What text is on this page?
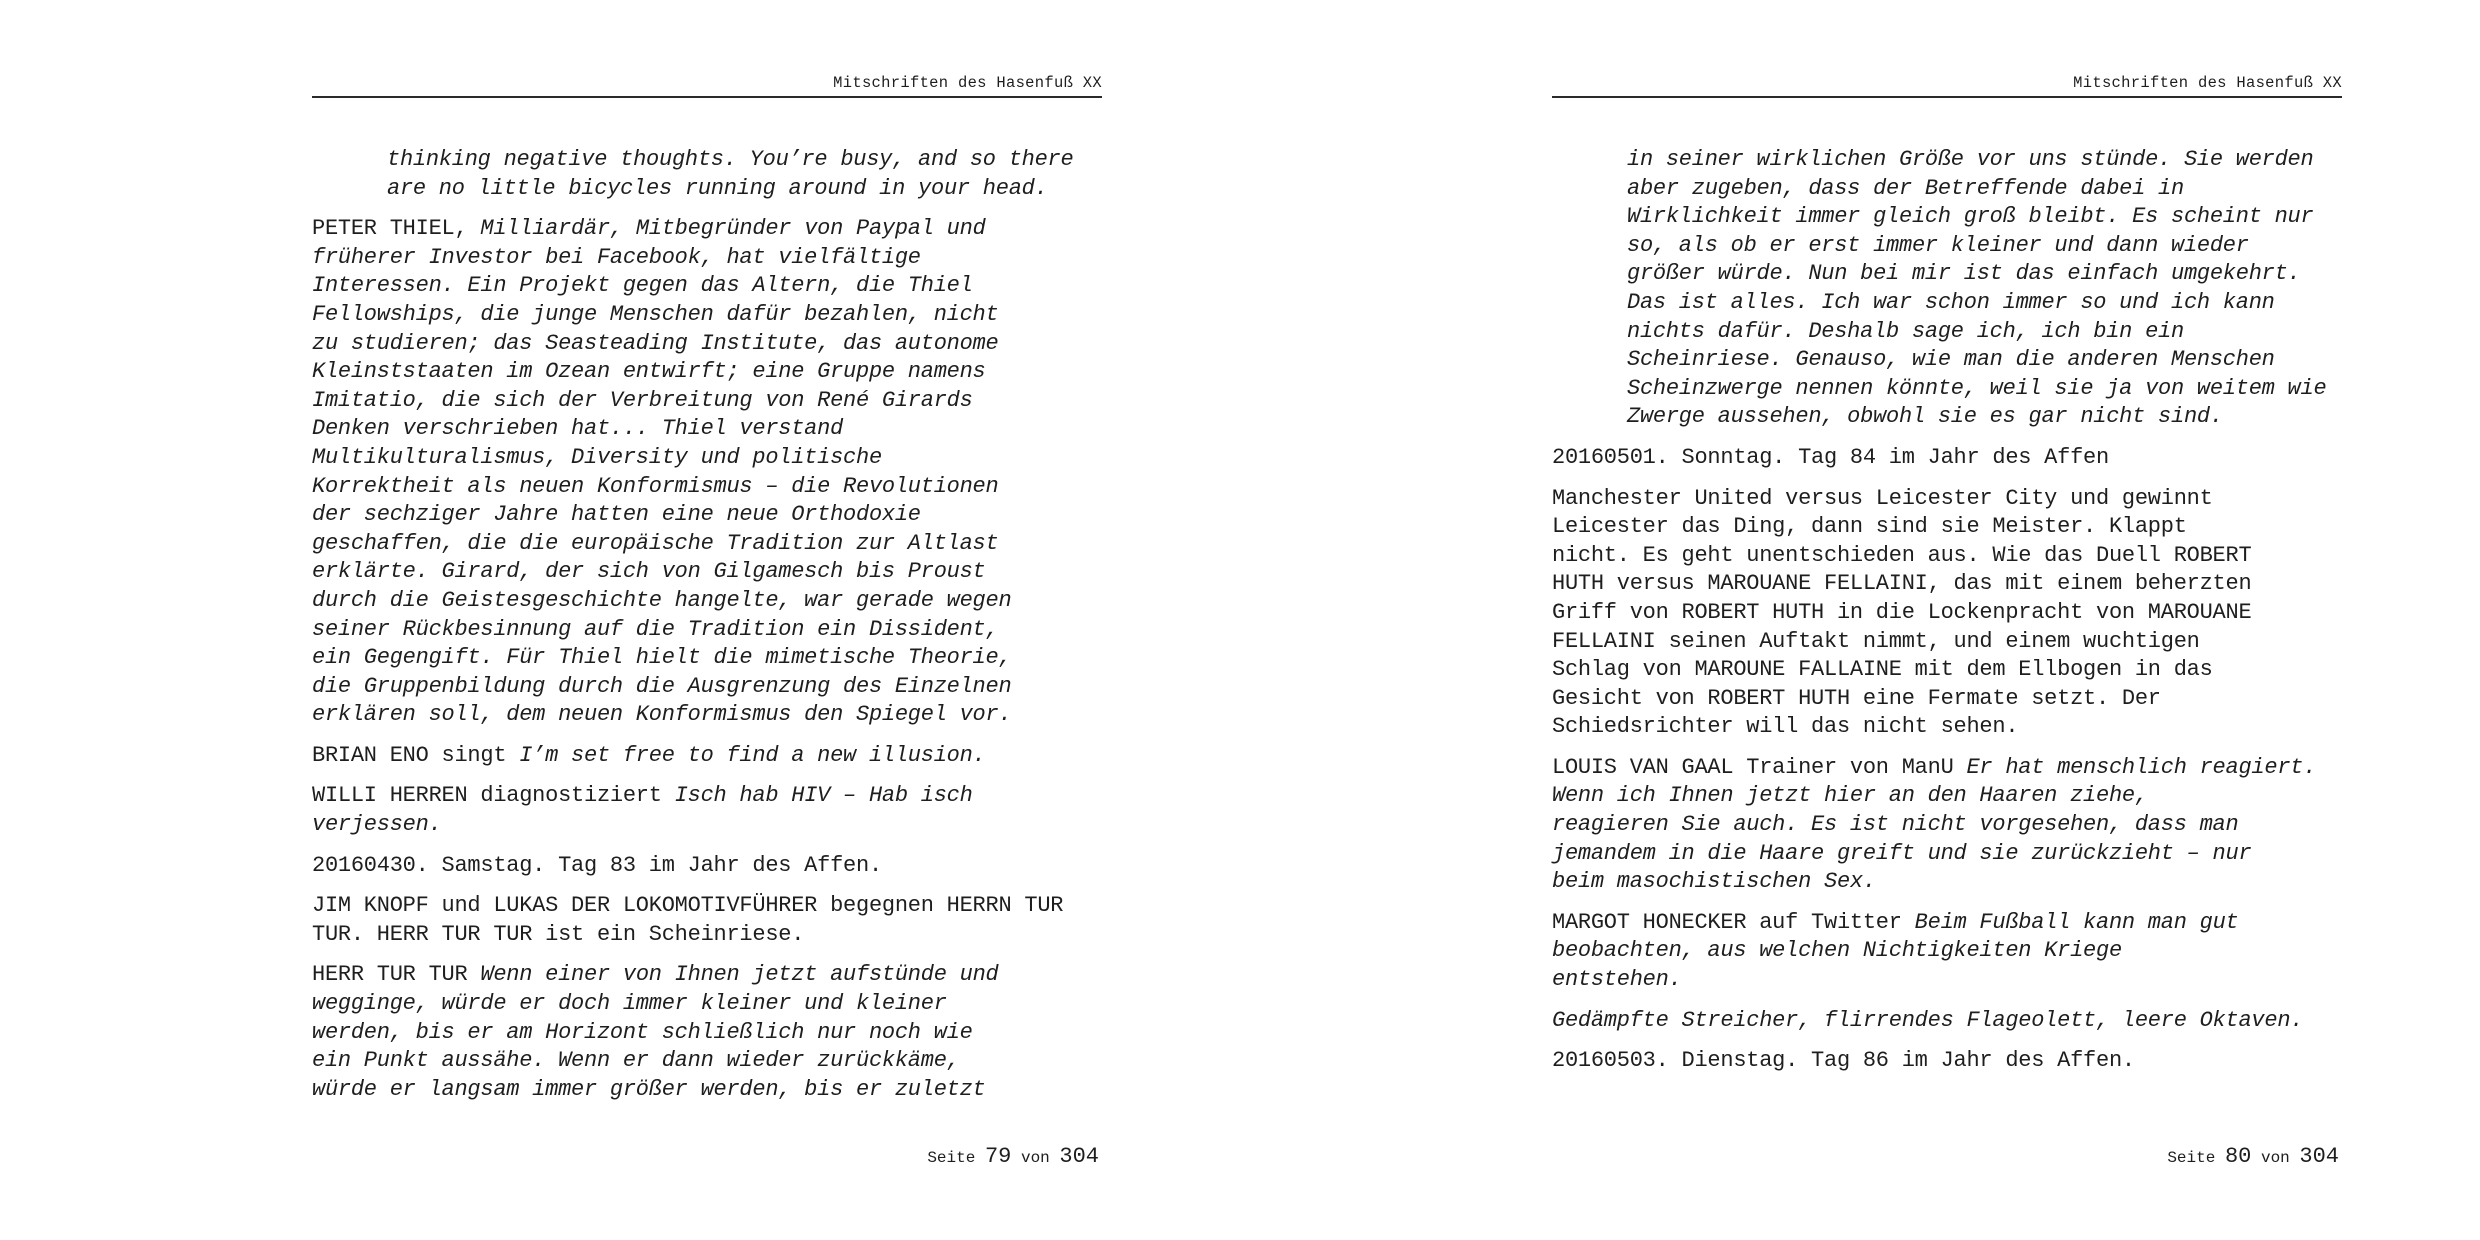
Mitschriften des Hasenfuß XX

thinking negative thoughts. You’re busy, and so there
are no little bicycles running around in your head.

PETER THIEL, Milliardär, Mitbegründer von Paypal und
früherer Investor bei Facebook, hat vielfältige
Interessen. Ein Projekt gegen das Altern, die Thiel
Fellowships, die junge Menschen dafür bezahlen, nicht
zu studieren; das Seasteading Institute, das autonome
Kleinststaaten im Ozean entwirft; eine Gruppe namens
Imitatio, die sich der Verbreitung von René Girards
Denken verschrieben hat... Thiel verstand
Multikulturalismus, Diversity und politische
Korrektheit als neuen Konformismus – die Revolutionen
der sechziger Jahre hatten eine neue Orthodoxie
geschaffen, die die europäische Tradition zur Altlast
erklärte. Girard, der sich von Gilgamesch bis Proust
durch die Geistesgeschichte hangelte, war gerade wegen
seiner Rückbesinnung auf die Tradition ein Dissident,
ein Gegengift. Für Thiel hielt die mimetische Theorie,
die Gruppenbildung durch die Ausgrenzung des Einzelnen
erklären soll, dem neuen Konformismus den Spiegel vor.

BRIAN ENO singt I’m set free to find a new illusion.

WILLI HERREN diagnostiziert Isch hab HIV – Hab isch
verjessen.

20160430. Samstag. Tag 83 im Jahr des Affen.

JIM KNOPF und LUKAS DER LOKOMOTIVFÜHRER begegnen HERRN TUR
TUR. HERR TUR TUR ist ein Scheinriese.

HERR TUR TUR Wenn einer von Ihnen jetzt aufstünde und
wegginge, würde er doch immer kleiner und kleiner
werden, bis er am Horizont schließlich nur noch wie
ein Punkt aussähe. Wenn er dann wieder zurückkäme,
würde er langsam immer größer werden, bis er zuletzt

Seite 79 von 304
Mitschriften des Hasenfuß XX

in seiner wirklichen Größe vor uns stünde. Sie werden
aber zugeben, dass der Betreffende dabei in
Wirklichkeit immer gleich groß bleibt. Es scheint nur
so, als ob er erst immer kleiner und dann wieder
größer würde. Nun bei mir ist das einfach umgekehrt.
Das ist alles. Ich war schon immer so und ich kann
nichts dafür. Deshalb sage ich, ich bin ein
Scheinriese. Genauso, wie man die anderen Menschen
Scheinzwerge nennen könnte, weil sie ja von weitem wie
Zwerge aussehen, obwohl sie es gar nicht sind.

20160501. Sonntag. Tag 84 im Jahr des Affen

Manchester United versus Leicester City und gewinnt
Leicester das Ding, dann sind sie Meister. Klappt
nicht. Es geht unentschieden aus. Wie das Duell ROBERT
HUTH versus MAROUANE FELLAINI, das mit einem beherzten
Griff von ROBERT HUTH in die Lockenpracht von MAROUANE
FELLAINI seinen Auftakt nimmt, und einem wuchtigen
Schlag von MAROUNE FALLAINE mit dem Ellbogen in das
Gesicht von ROBERT HUTH eine Fermate setzt. Der
Schiedsrichter will das nicht sehen.

LOUIS VAN GAAL Trainer von ManU Er hat menschlich reagiert.
Wenn ich Ihnen jetzt hier an den Haaren ziehe,
reagieren Sie auch. Es ist nicht vorgesehen, dass man
jemandem in die Haare greift und sie zurückzieht – nur
beim masochistischen Sex.

MARGOT HONECKER auf Twitter Beim Fußball kann man gut
beobachten, aus welchen Nichtigkeiten Kriege
entstehen.

Gedämpfte Streicher, flirrendes Flageolett, leere Oktaven.

20160503. Dienstag. Tag 86 im Jahr des Affen.

Seite 80 von 304
